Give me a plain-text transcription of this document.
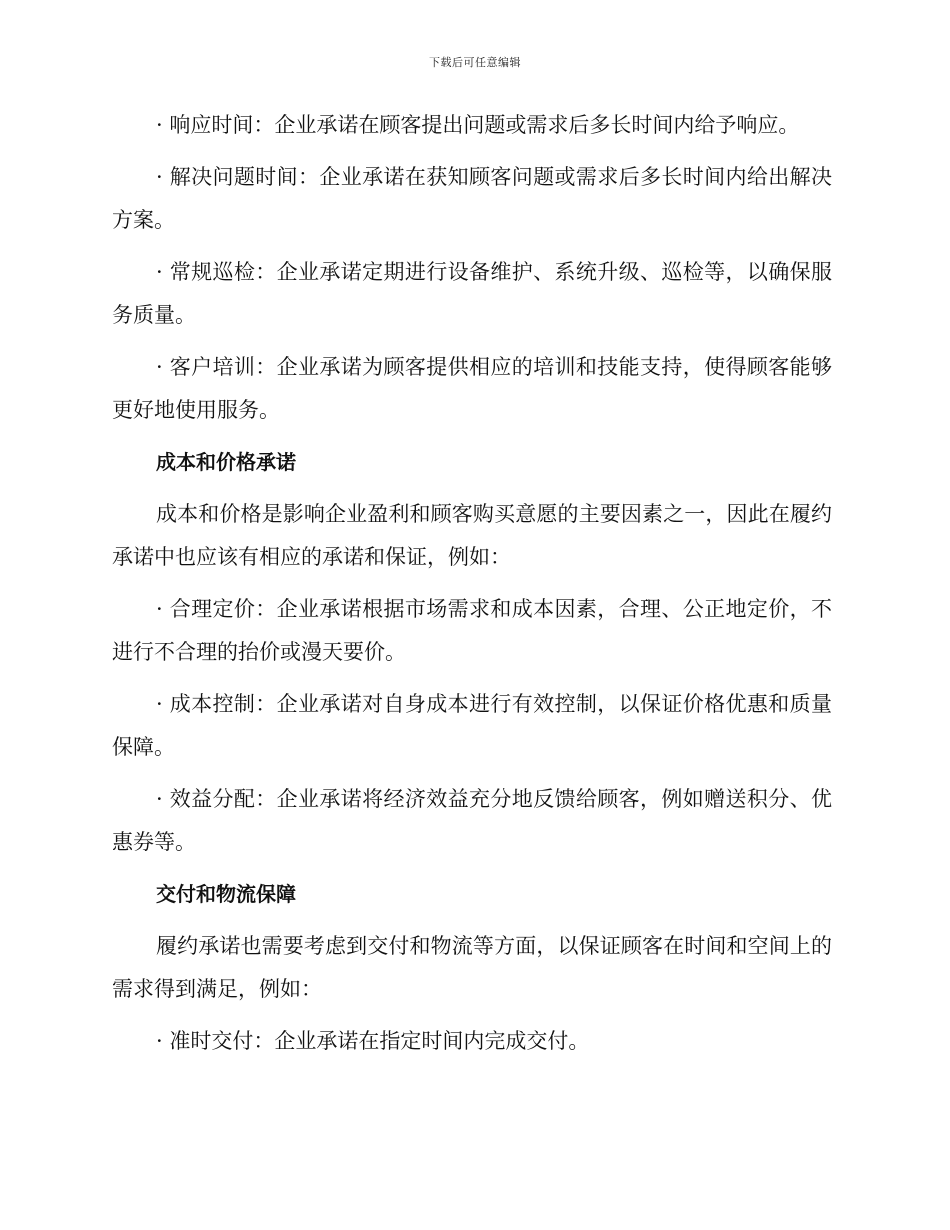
下载后可任意编辑

· 响应时间：企业承诺在顾客提出问题或需求后多长时间内给予响应。

· 解决问题时间：企业承诺在获知顾客问题或需求后多长时间内给出解决方案。

· 常规巡检：企业承诺定期进行设备维护、系统升级、巡检等，以确保服务质量。

· 客户培训：企业承诺为顾客提供相应的培训和技能支持，使得顾客能够更好地使用服务。

成本和价格承诺

成本和价格是影响企业盈利和顾客购买意愿的主要因素之一，因此在履约承诺中也应该有相应的承诺和保证，例如：

· 合理定价：企业承诺根据市场需求和成本因素，合理、公正地定价，不进行不合理的抬价或漫天要价。

· 成本控制：企业承诺对自身成本进行有效控制，以保证价格优惠和质量保障。

· 效益分配：企业承诺将经济效益充分地反馈给顾客，例如赠送积分、优惠券等。

交付和物流保障

履约承诺也需要考虑到交付和物流等方面，以保证顾客在时间和空间上的需求得到满足，例如：

· 准时交付：企业承诺在指定时间内完成交付。
